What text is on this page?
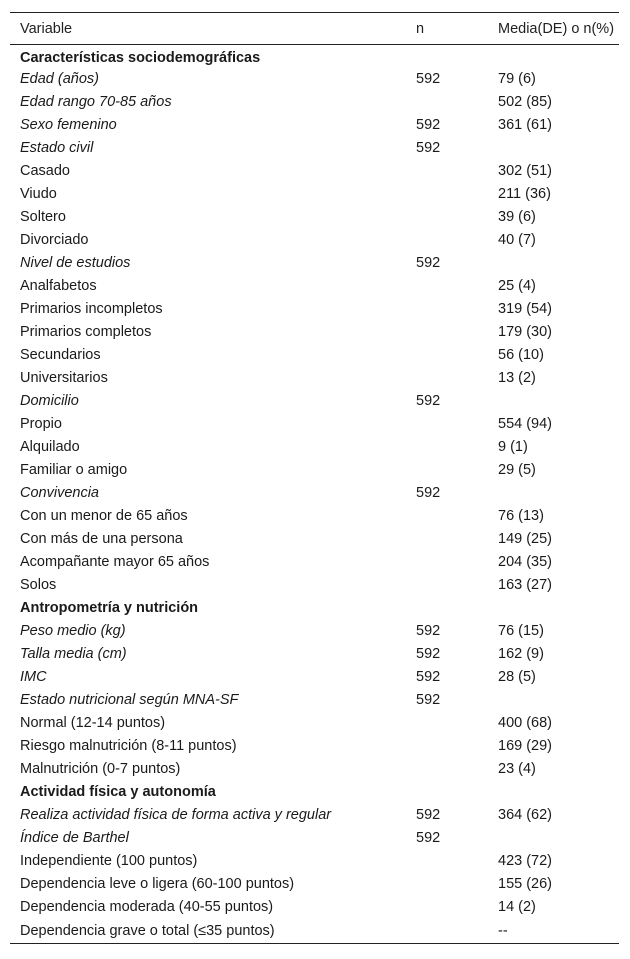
Variable	n	Media(DE) o n(%)
Características sociodemográficas		
Edad (años)	592	79 (6)
Edad rango 70-85 años		502 (85)
Sexo femenino	592	361 (61)
Estado civil	592	
Casado		302 (51)
Viudo		211 (36)
Soltero		39 (6)
Divorciado		40 (7)
Nivel de estudios	592	
Analfabetos		25 (4)
Primarios incompletos		319 (54)
Primarios completos		179 (30)
Secundarios		56 (10)
Universitarios		13 (2)
Domicilio	592	
Propio		554 (94)
Alquilado		9 (1)
Familiar o amigo		29 (5)
Convivencia	592	
Con un menor de 65 años		76 (13)
Con más de una persona		149 (25)
Acompañante mayor 65 años		204 (35)
Solos		163 (27)
Antropometría y nutrición		
Peso medio (kg)	592	76 (15)
Talla media (cm)	592	162 (9)
IMC	592	28 (5)
Estado nutricional según MNA-SF	592	
Normal (12-14 puntos)		400 (68)
Riesgo malnutrición (8-11 puntos)		169 (29)
Malnutrición (0-7 puntos)		23 (4)
Actividad física y autonomía		
Realiza actividad física de forma activa y regular	592	364 (62)
Índice de Barthel	592	
Independiente (100 puntos)		423 (72)
Dependencia leve o ligera (60-100 puntos)		155 (26)
Dependencia moderada (40-55 puntos)		14 (2)
Dependencia grave o total (≤35 puntos)		--
